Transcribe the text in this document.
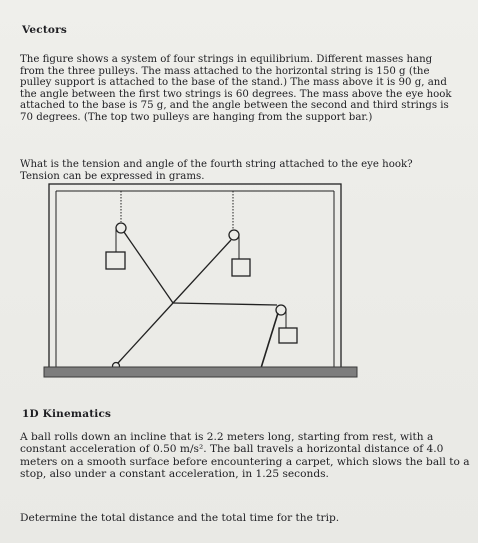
Vectors

The figure shows a system of four strings in equilibrium. Different masses hang from the three pulleys. The mass attached to the horizontal string is 150 g (the pulley support is attached to the base of the stand.) The mass above it is 90 g, and the angle between the first two strings is 60 degrees. The mass above the eye hook attached to the base is 75 g, and the angle between the second and third strings is 70 degrees. (The top two pulleys are hanging from the support bar.)

What is the tension and angle of the fourth string attached to the eye hook? Tension can be expressed in grams.

1D Kinematics

A ball rolls down an incline that is 2.2 meters long, starting from rest, with a constant acceleration of 0.50 m/s². The ball travels a horizontal distance of 4.0 meters on a smooth surface before encountering a carpet, which slows the ball to a stop, also under a constant acceleration, in 1.25 seconds.

Determine the total distance and the total time for the trip.
